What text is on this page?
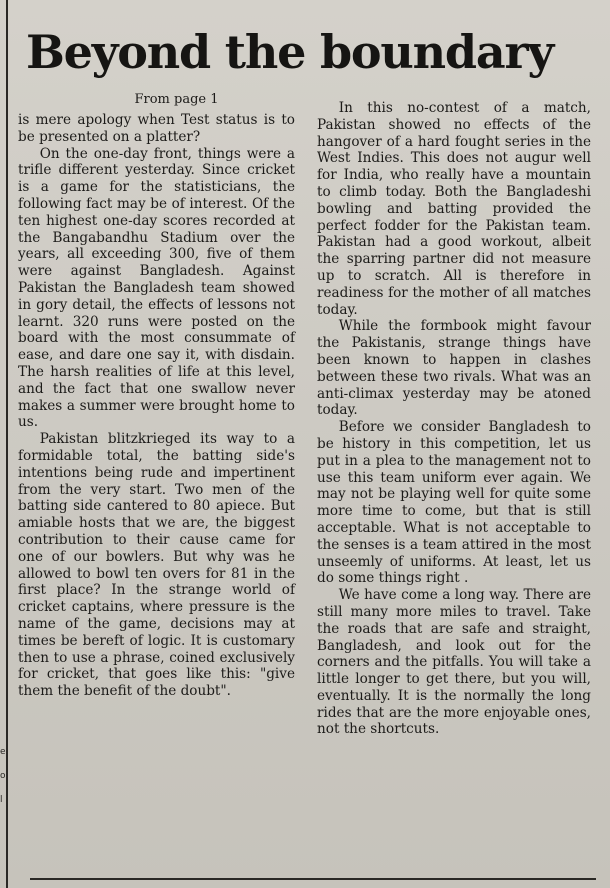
e
o
l
Beyond the boundary
From page 1

is mere apology when Test status is to be presented on a platter?

On the one-day front, things were a trifle different yesterday. Since cricket is a game for the statisticians, the following fact may be of interest. Of the ten highest one-day scores recorded at the Bangabandhu Stadium over the years, all exceeding 300, five of them were against Bangladesh. Against Pakistan the Bangladesh team showed in gory detail, the effects of lessons not learnt. 320 runs were posted on the board with the most consummate of ease, and dare one say it, with disdain. The harsh realities of life at this level, and the fact that one swallow never makes a summer were brought home to us.

Pakistan blitzkrieged its way to a formidable total, the batting side's intentions being rude and impertinent from the very start. Two men of the batting side cantered to 80 apiece. But amiable hosts that we are, the biggest contribution to their cause came for one of our bowlers. But why was he allowed to bowl ten overs for 81 in the first place? In the strange world of cricket captains, where pressure is the name of the game, decisions may at times be bereft of logic. It is customary then to use a phrase, coined exclusively for cricket, that goes like this: "give them the benefit of the doubt".

In this no-contest of a match, Pakistan showed no effects of the hangover of a hard fought series in the West Indies. This does not augur well for India, who really have a mountain to climb today. Both the Bangladeshi bowling and batting provided the perfect fodder for the Pakistan team. Pakistan had a good workout, albeit the sparring partner did not measure up to scratch. All is therefore in readiness for the mother of all matches today.

While the formbook might favour the Pakistanis, strange things have been known to happen in clashes between these two rivals. What was an anti-climax yesterday may be atoned today.

Before we consider Bangladesh to be history in this competition, let us put in a plea to the management not to use this team uniform ever again. We may not be playing well for quite some more time to come, but that is still acceptable. What is not acceptable to the senses is a team attired in the most unseemly of uniforms. At least, let us do some things right .

We have come a long way. There are still many more miles to travel. Take the roads that are safe and straight, Bangladesh, and look out for the corners and the pitfalls. You will take a little longer to get there, but you will, eventually. It is the normally the long rides that are the more enjoyable ones, not the shortcuts.
